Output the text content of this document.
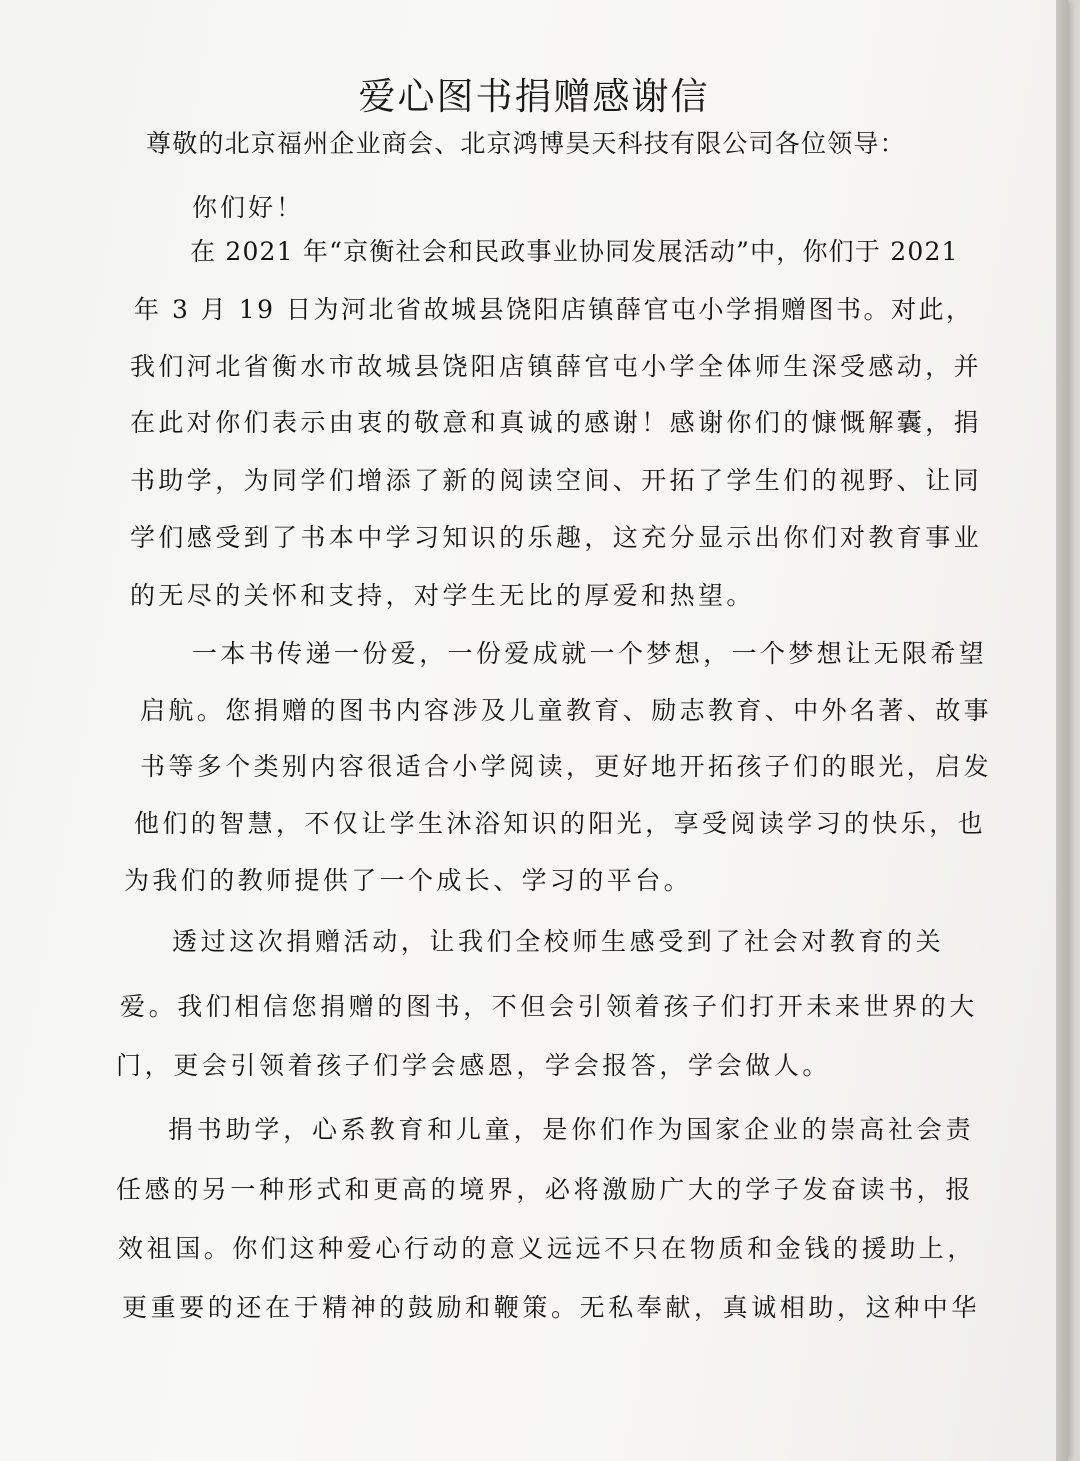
爱心图书捐赠感谢信
尊敬的北京福州企业商会、北京鸿博昊天科技有限公司各位领导：
你们好！
在 2021 年“京衡社会和民政事业协同发展活动”中，你们于 2021
年 3 月 19 日为河北省故城县饶阳店镇薛官屯小学捐赠图书。对此，
我们河北省衡水市故城县饶阳店镇薛官屯小学全体师生深受感动，并
在此对你们表示由衷的敬意和真诚的感谢！感谢你们的慷慨解囊，捐
书助学，为同学们增添了新的阅读空间、开拓了学生们的视野、让同
学们感受到了书本中学习知识的乐趣，这充分显示出你们对教育事业
的无尽的关怀和支持，对学生无比的厚爱和热望。
一本书传递一份爱，一份爱成就一个梦想，一个梦想让无限希望
启航。您捐赠的图书内容涉及儿童教育、励志教育、中外名著、故事
书等多个类别内容很适合小学阅读，更好地开拓孩子们的眼光，启发
他们的智慧，不仅让学生沐浴知识的阳光，享受阅读学习的快乐，也
为我们的教师提供了一个成长、学习的平台。
透过这次捐赠活动，让我们全校师生感受到了社会对教育的关
爱。我们相信您捐赠的图书，不但会引领着孩子们打开未来世界的大
门，更会引领着孩子们学会感恩，学会报答，学会做人。
捐书助学，心系教育和儿童，是你们作为国家企业的崇高社会责
任感的另一种形式和更高的境界，必将激励广大的学子发奋读书，报
效祖国。你们这种爱心行动的意义远远不只在物质和金钱的援助上，
更重要的还在于精神的鼓励和鞭策。无私奉献，真诚相助，这种中华
